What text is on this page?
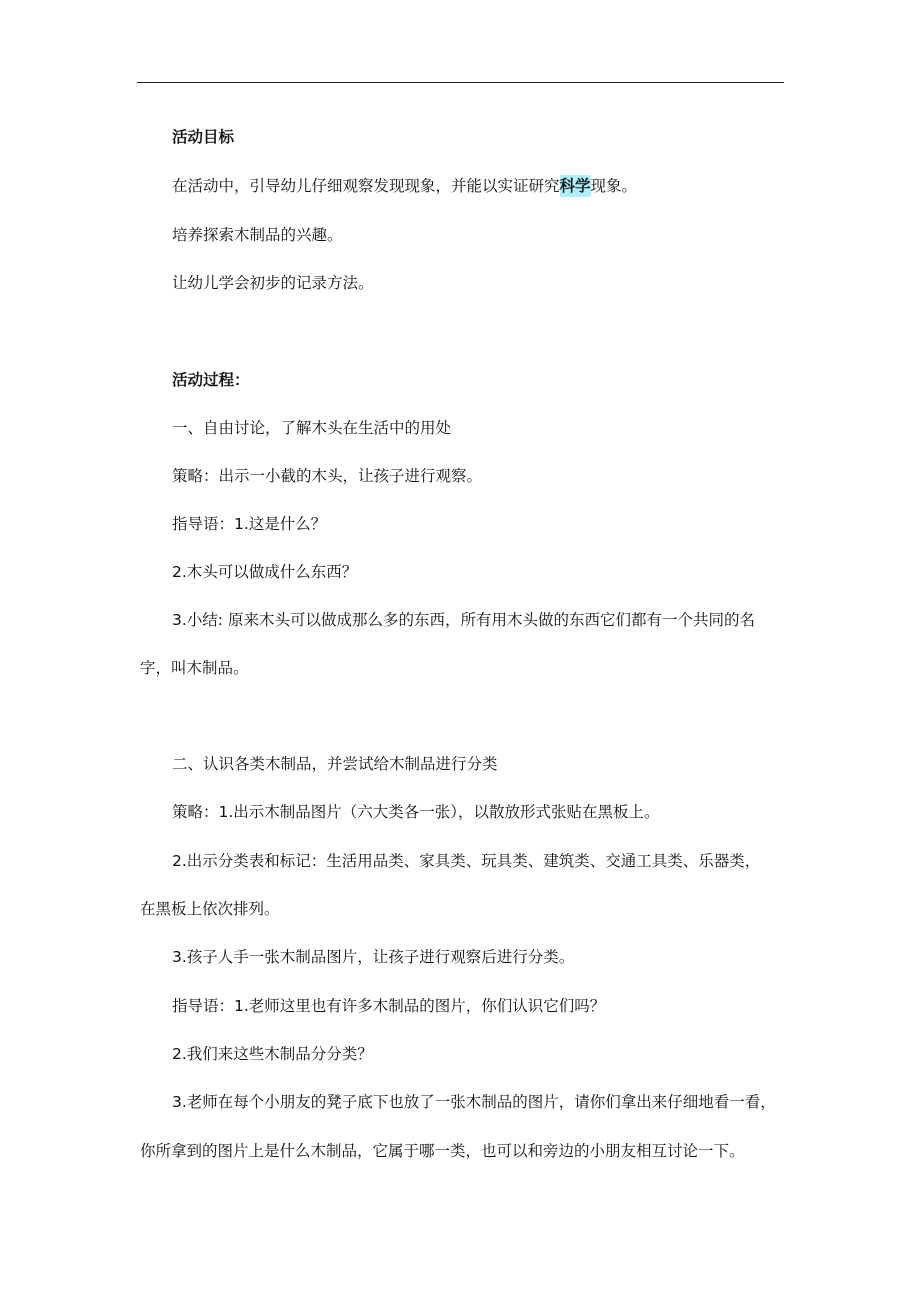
活动目标
在活动中，引导幼儿仔细观察发现现象，并能以实证研究科学现象。
培养探索木制品的兴趣。
让幼儿学会初步的记录方法。
活动过程：
一、自由讨论，了解木头在生活中的用处
策略：出示一小截的木头，让孩子进行观察。
指导语：1.这是什么？
2.木头可以做成什么东西？
3.小结: 原来木头可以做成那么多的东西，所有用木头做的东西它们都有一个共同的名
字，叫木制品。
二、认识各类木制品，并尝试给木制品进行分类
策略：1.出示木制品图片（六大类各一张），以散放形式张贴在黑板上。
2.出示分类表和标记：生活用品类、家具类、玩具类、建筑类、交通工具类、乐器类，
在黑板上依次排列。
3.孩子人手一张木制品图片，让孩子进行观察后进行分类。
指导语：1.老师这里也有许多木制品的图片，你们认识它们吗？
2.我们来这些木制品分分类？
3.老师在每个小朋友的凳子底下也放了一张木制品的图片，请你们拿出来仔细地看一看，
你所拿到的图片上是什么木制品，它属于哪一类，也可以和旁边的小朋友相互讨论一下。
